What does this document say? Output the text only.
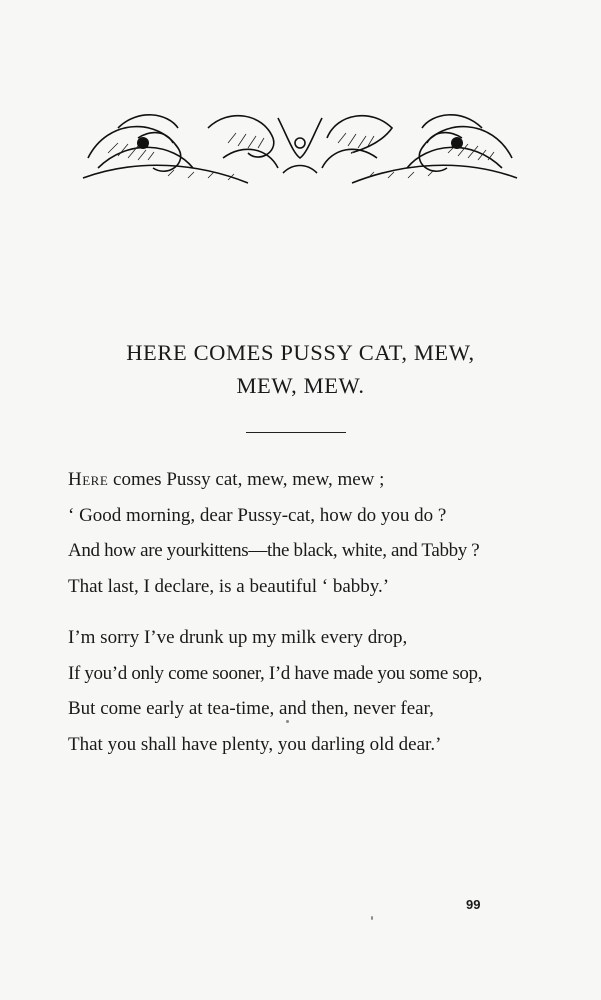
HERE COMES PUSSY CAT, MEW,
MEW, MEW.
Here comes Pussy cat, mew, mew, mew ;
‘ Good morning, dear Pussy-cat, how do you do ?
And how are yourkittens—the black, white, and Tabby ?
That last, I declare, is a beautiful ‘ babby.’
I’m sorry I’ve drunk up my milk every drop,
If you’d only come sooner, I’d have made you some sop,
But come early at tea-time, and then, never fear,
That you shall have plenty, you darling old dear.’
99
